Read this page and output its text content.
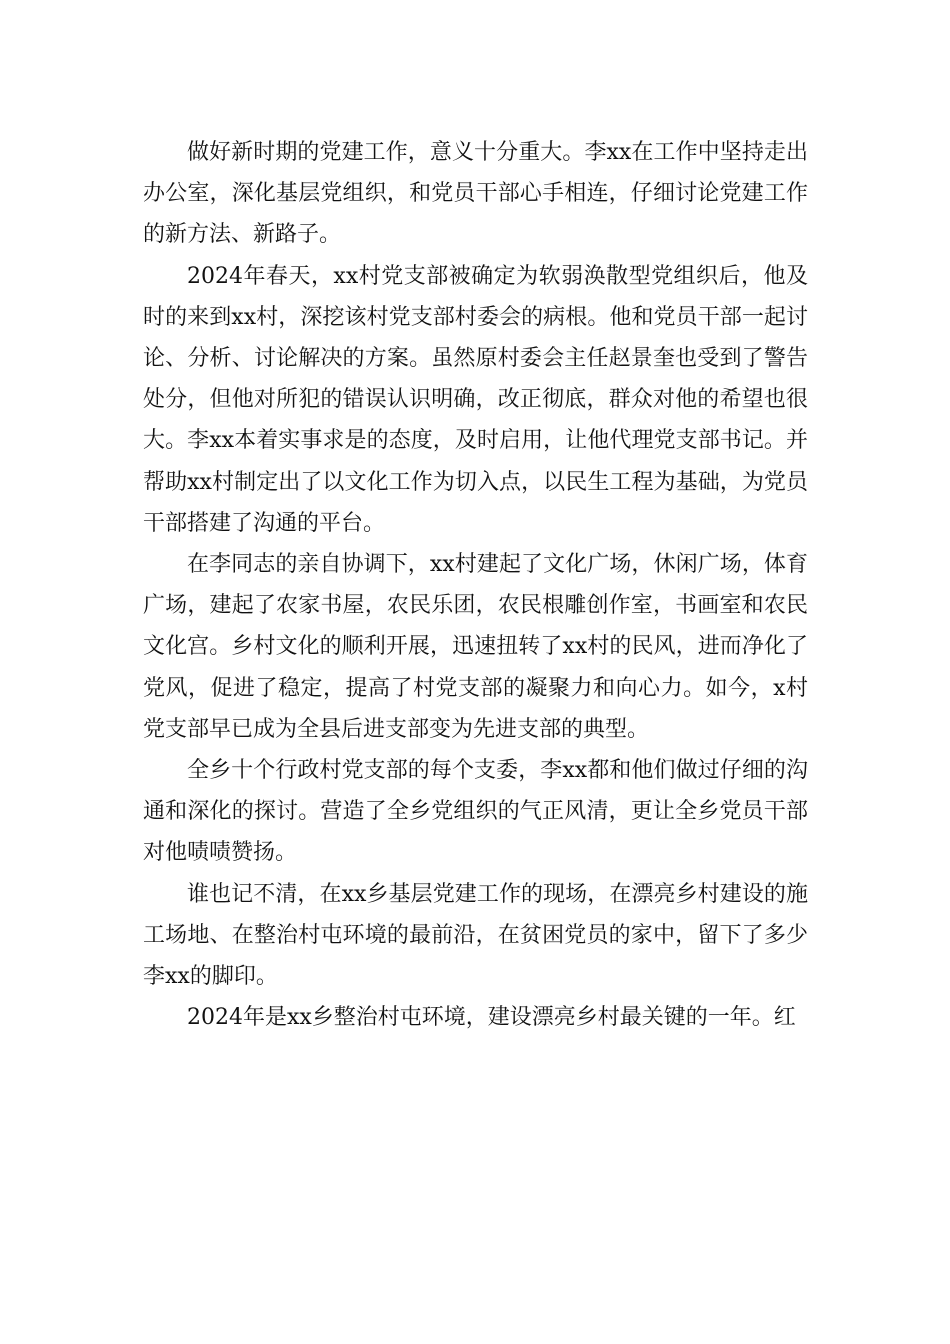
做好新时期的党建工作，意义十分重大。李xx在工作中坚持走出办公室，深化基层党组织，和党员干部心手相连，仔细讨论党建工作的新方法、新路子。

2024年春天，xx村党支部被确定为软弱涣散型党组织后，他及时的来到xx村，深挖该村党支部村委会的病根。他和党员干部一起讨论、分析、讨论解决的方案。虽然原村委会主任赵景奎也受到了警告处分，但他对所犯的错误认识明确，改正彻底，群众对他的希望也很大。李xx本着实事求是的态度，及时启用，让他代理党支部书记。并帮助xx村制定出了以文化工作为切入点，以民生工程为基础，为党员干部搭建了沟通的平台。

在李同志的亲自协调下，xx村建起了文化广场，休闲广场，体育广场，建起了农家书屋，农民乐团，农民根雕创作室，书画室和农民文化宫。乡村文化的顺利开展，迅速扭转了xx村的民风，进而净化了党风，促进了稳定，提高了村党支部的凝聚力和向心力。如今，x村党支部早已成为全县后进支部变为先进支部的典型。

全乡十个行政村党支部的每个支委，李xx都和他们做过仔细的沟通和深化的探讨。营造了全乡党组织的气正风清，更让全乡党员干部对他啧啧赞扬。

谁也记不清，在xx乡基层党建工作的现场，在漂亮乡村建设的施工场地、在整治村屯环境的最前沿，在贫困党员的家中，留下了多少李xx的脚印。

2024年是xx乡整治村屯环境，建设漂亮乡村最关键的一年。红
